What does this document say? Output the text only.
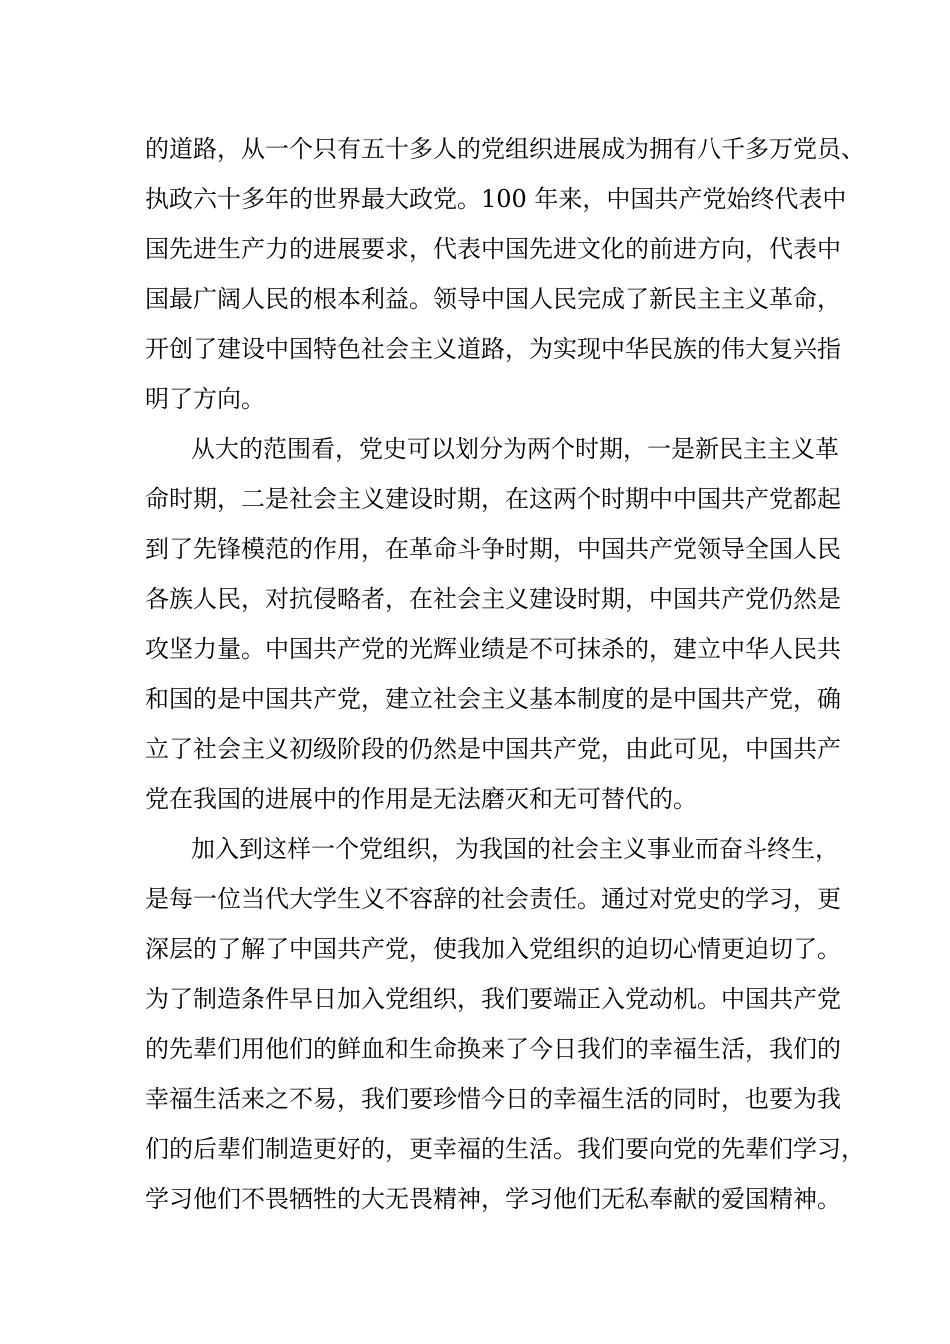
的道路，从一个只有五十多人的党组织进展成为拥有八千多万党员、

执政六十多年的世界最大政党。100 年来，中国共产党始终代表中

国先进生产力的进展要求，代表中国先进文化的前进方向，代表中

国最广阔人民的根本利益。领导中国人民完成了新民主主义革命，

开创了建设中国特色社会主义道路，为实现中华民族的伟大复兴指

明了方向。

从大的范围看，党史可以划分为两个时期，一是新民主主义革

命时期，二是社会主义建设时期，在这两个时期中中国共产党都起

到了先锋模范的作用，在革命斗争时期，中国共产党领导全国人民

各族人民，对抗侵略者，在社会主义建设时期，中国共产党仍然是

攻坚力量。中国共产党的光辉业绩是不可抹杀的，建立中华人民共

和国的是中国共产党，建立社会主义基本制度的是中国共产党，确

立了社会主义初级阶段的仍然是中国共产党，由此可见，中国共产

党在我国的进展中的作用是无法磨灭和无可替代的。

加入到这样一个党组织，为我国的社会主义事业而奋斗终生，

是每一位当代大学生义不容辞的社会责任。通过对党史的学习，更

深层的了解了中国共产党，使我加入党组织的迫切心情更迫切了。

为了制造条件早日加入党组织，我们要端正入党动机。中国共产党

的先辈们用他们的鲜血和生命换来了今日我们的幸福生活，我们的

幸福生活来之不易，我们要珍惜今日的幸福生活的同时，也要为我

们的后辈们制造更好的，更幸福的生活。我们要向党的先辈们学习，

学习他们不畏牺牲的大无畏精神，学习他们无私奉献的爱国精神。
